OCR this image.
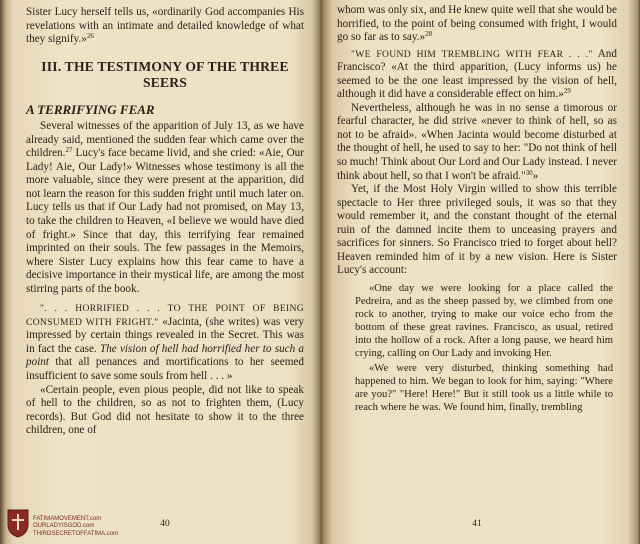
Sister Lucy herself tells us, «ordinarily God accompanies His revelations with an intimate and detailed knowledge of what they signify.»$^{26}$

III. THE TESTIMONY OF THE THREE SEERS
A TERRIFYING FEAR

Several witnesses of the apparition of July 13, as we have already said, mentioned the sudden fear which came over the children.$^{27}$ Lucy's face became livid, and she cried: «Aie, Our Lady! Aie, Our Lady!» Witnesses whose testimony is all the more valuable, since they were present at the apparition, did not learn the reason for this sudden fright until much later on. Lucy tells us that if Our Lady had not promised, on May 13, to take the children to Heaven, «I believe we would have died of fright.» Since that day, this terrifying fear remained imprinted on their souls. The few passages in the Memoirs, where Sister Lucy explains how this fear came to have a decisive importance in their mystical life, are among the most stirring parts of the book.

". . . HORRIFIED . . . TO THE POINT OF BEING CONSUMED WITH FRIGHT." «Jacinta, (she writes) was very impressed by certain things revealed in the Secret. This was in fact the case. The vision of hell had horrified her to such a point that all penances and mortifications to her seemed insufficient to save some souls from hell . . . »

«Certain people, even pious people, did not like to speak of hell to the children, so as not to frighten them, (Lucy records). But God did not hesitate to show it to the three children, one of

40

whom was only six, and He knew quite well that she would be horrified, to the point of being consumed with fright, I would go so far as to say.»$^{28}$

"WE FOUND HIM TREMBLING WITH FEAR . . ." And Francisco? «At the third apparition, (Lucy informs us) he seemed to be the one least impressed by the vision of hell, although it did have a considerable effect on him.»$^{29}$

Nevertheless, although he was in no sense a timorous or fearful character, he did strive «never to think of hell, so as not to be afraid». «When Jacinta would become disturbed at the thought of hell, he used to say to her: "Do not think of hell so much! Think about Our Lord and Our Lady instead. I never think about hell, so that I won't be afraid."$^{30}$»

Yet, if the Most Holy Virgin willed to show this terrible spectacle to Her three privileged souls, it was so that they would remember it, and the constant thought of the eternal ruin of the damned incite them to unceasing prayers and sacrifices for sinners. So Francisco tried to forget about hell? Heaven reminded him of it by a new vision. Here is Sister Lucy's account:

«One day we were looking for a place called the Pedreira, and as the sheep passed by, we climbed from one rock to another, trying to make our voice echo from the bottom of these great ravines. Francisco, as usual, retired into the hollow of a rock. After a long pause, we heard him crying, calling on Our Lady and invoking Her.

«We were very disturbed, thinking something had happened to him. We began to look for him, saying: "Where are you?" "Here! Here!" But it still took us a little while to reach where he was. We found him, finally, trembling

41
FATIMAMOVEMENT.com
OURLADYISGOD.com
THIRDSECRETOFFATIMA.com
